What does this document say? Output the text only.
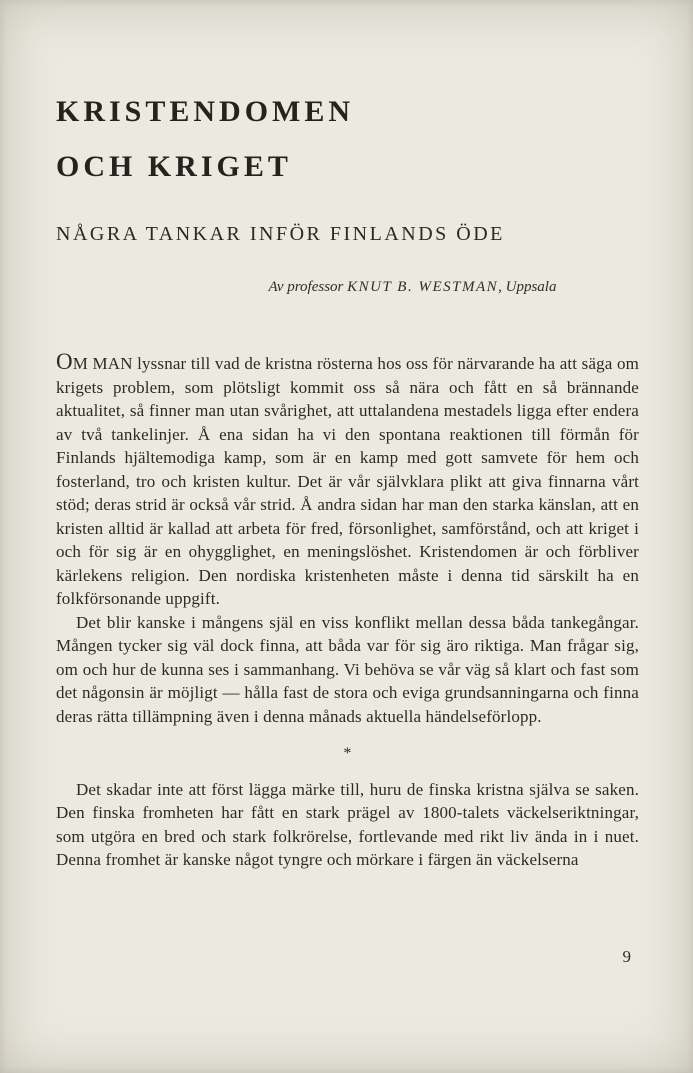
KRISTENDOMEN
OCH KRIGET
NÅGRA TANKAR INFÖR FINLANDS ÖDE

Av professor KNUT B. WESTMAN, Uppsala

OM MAN lyssnar till vad de kristna rösterna hos oss för närvarande ha att säga om krigets problem, som plötsligt kommit oss så nära och fått en så brännande aktualitet, så finner man utan svårighet, att uttalandena mestadels ligga efter endera av två tankelinjer. Å ena sidan ha vi den spontana reaktionen till förmån för Finlands hjältemodiga kamp, som är en kamp med gott samvete för hem och fosterland, tro och kristen kultur. Det är vår självklara plikt att giva finnarna vårt stöd; deras strid är också vår strid. Å andra sidan har man den starka känslan, att en kristen alltid är kallad att arbeta för fred, försonlighet, samförstånd, och att kriget i och för sig är en ohygglighet, en meningslöshet. Kristendomen är och förbliver kärlekens religion. Den nordiska kristenheten måste i denna tid särskilt ha en folkförsonande uppgift.

Det blir kanske i mångens själ en viss konflikt mellan dessa båda tankegångar. Mången tycker sig väl dock finna, att båda var för sig äro riktiga. Man frågar sig, om och hur de kunna ses i sammanhang. Vi behöva se vår väg så klart och fast som det någonsin är möjligt — hålla fast de stora och eviga grundsanningarna och finna deras rätta tillämpning även i denna månads aktuella händelseförlopp.

*

Det skadar inte att först lägga märke till, huru de finska kristna själva se saken. Den finska fromheten har fått en stark prägel av 1800-talets väckelseriktningar, som utgöra en bred och stark folkrörelse, fortlevande med rikt liv ända in i nuet. Denna fromhet är kanske något tyngre och mörkare i färgen än väckelserna

9
